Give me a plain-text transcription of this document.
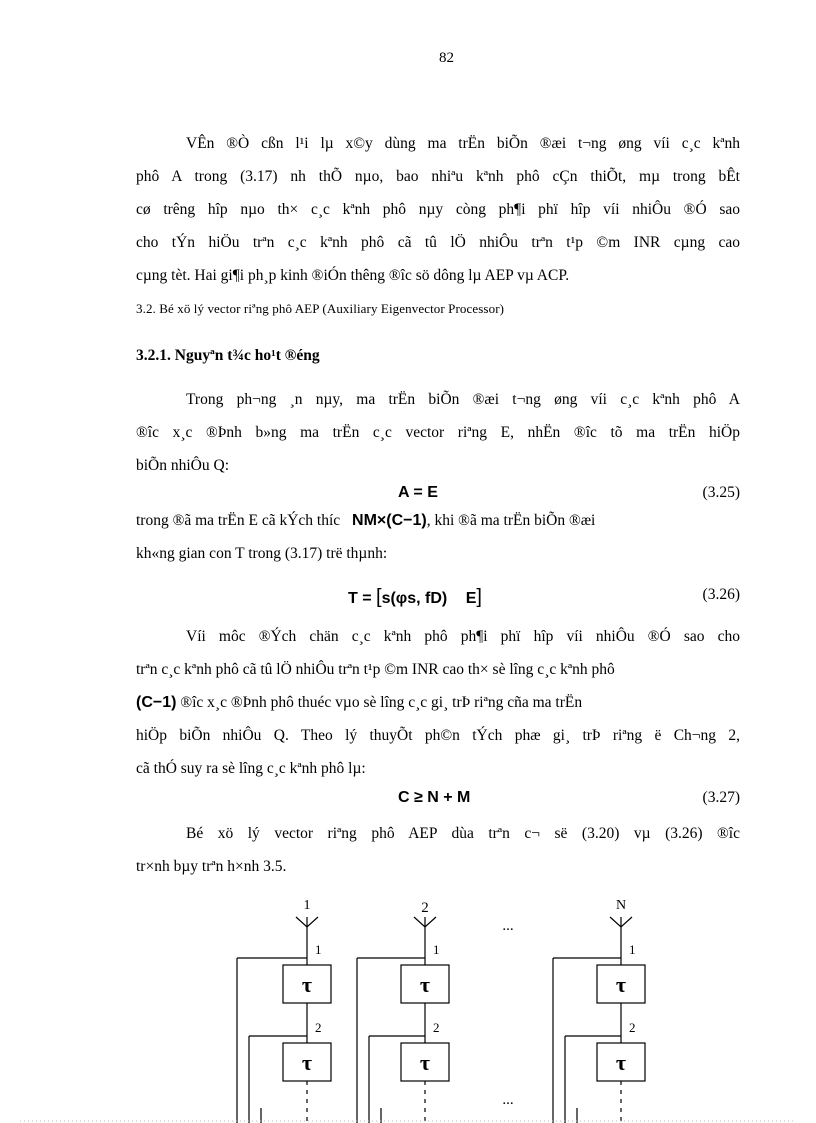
82
VÊn ®Ò cßn l¹i lµ x©y dùng ma trËn biÕn ®æi t¬ng øng víi c¸c kªnh
phô A trong (3.17) nh thÕ nµo, bao nhiªu kªnh phô cÇn thiÕt, mµ trong bÊt
cø trêng hîp nµo th× c¸c kªnh phô nµy còng ph¶i phï hîp víi nhiÔu ®Ó sao
cho tÝn hiÖu trªn c¸c kªnh phô cã tû lÖ nhiÔu trªn t¹p ©m INR cµng cao
cµng tèt. Hai gi¶i ph¸p kinh ®iÓn thêng ®îc sö dông lµ AEP vµ ACP.
3.2. Bé xö lý vector riªng phô AEP (Auxiliary Eigenvector Processor)
3.2.1. Nguyªn t¾c ho¹t ®éng
Trong ph¬ng ¸n nµy, ma trËn biÕn ®æi t¬ng øng víi c¸c kªnh phô A
®îc x¸c ®Þnh b»ng ma trËn c¸c vector riªng E, nhËn ®îc tõ ma trËn hiÖp
biÕn nhiÔu Q:
A = E	(3.25)
trong ®ã ma trËn E cã kÝch thíc NM×(C−1), khi ®ã ma trËn biÕn ®æi
kh«ng gian con T trong (3.17) trë thµnh:
T = [s(φs, fD) E]	(3.26)
Víi môc ®Ých chän c¸c kªnh phô ph¶i phï hîp víi nhiÔu ®Ó sao cho
trªn c¸c kªnh phô cã tû lÖ nhiÔu trªn t¹p ©m INR cao th× sè lîng c¸c kªnh phô
(C−1) ®îc x¸c ®Þnh phô thuéc vµo sè lîng c¸c gi¸ trÞ riªng cña ma trËn
hiÖp biÕn nhiÔu Q. Theo lý thuyÕt ph©n tÝch phæ gi¸ trÞ riªng ë Ch¬ng 2,
cã thÓ suy ra sè lîng c¸c kªnh phô lµ:
C ≥ N + M	(3.27)
Bé xö lý vector riªng phô AEP dùa trªn c¬ së (3.20) vµ (3.26) ®îc
tr×nh bµy trªn h×nh 3.5.
1	2	N
1
2
1
2
1
2
τ
τ
τ
τ
τ
τ
...
...
